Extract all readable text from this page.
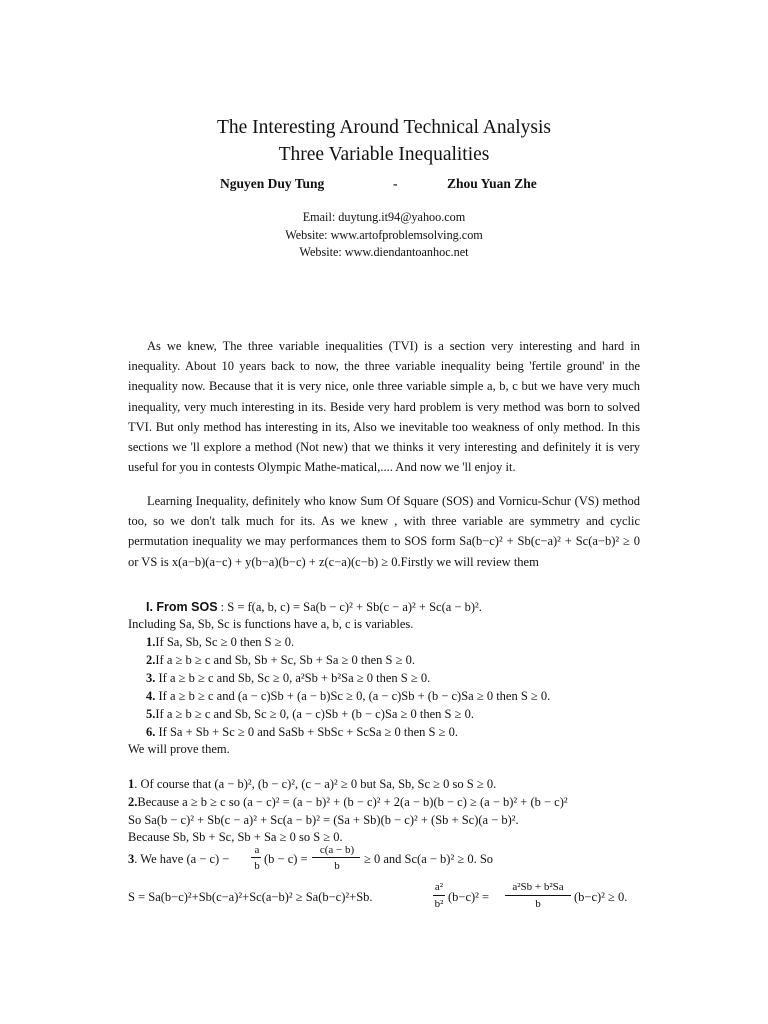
The Interesting Around Technical Analysis
Three Variable Inequalities
Nguyen Duy Tung	-	Zhou Yuan Zhe
Email: duytung.it94@yahoo.com
Website: www.artofproblemsolving.com
Website: www.diendantoanhoc.net
As we knew, The three variable inequalities (TVI) is a section very interesting and hard in inequality. About 10 years back to now, the three variable inequality being 'fertile ground' in the inequality now. Because that it is very nice, onle three variable simple a, b, c but we have very much inequality, very much interesting in its. Beside very hard problem is very method was born to solved TVI. But only method has interesting in its, Also we inevitable too weakness of only method. In this sections we 'll explore a method (Not new) that we thinks it very interesting and definitely it is very useful for you in contests Olympic Mathe-matical,.... And now we 'll enjoy it.
Learning Inequality, definitely who know Sum Of Square (SOS) and Vornicu-Schur (VS) method too, so we don't talk much for its. As we knew , with three variable are symmetry and cyclic permutation inequality we may performances them to SOS form Sa(b−c)² + Sb(c−a)² + Sc(a−b)² ≥ 0 or VS is x(a−b)(a−c) + y(b−a)(b−c) + z(c−a)(c−b) ≥ 0.Firstly we will review them
I. From SOS : S = f(a, b, c) = Sa(b − c)² + Sb(c − a)² + Sc(a − b)².
Including Sa, Sb, Sc is functions have a, b, c is variables.
1.If Sa, Sb, Sc ≥ 0 then S ≥ 0.
2.If a ≥ b ≥ c and Sb, Sb + Sc, Sb + Sa ≥ 0 then S ≥ 0.
3. If a ≥ b ≥ c and Sb, Sc ≥ 0, a²Sb + b²Sa ≥ 0 then S ≥ 0.
4. If a ≥ b ≥ c and (a − c)Sb + (a − b)Sc ≥ 0, (a − c)Sb + (b − c)Sa ≥ 0 then S ≥ 0.
5.If a ≥ b ≥ c and Sb, Sc ≥ 0, (a − c)Sb + (b − c)Sa ≥ 0 then S ≥ 0.
6. If Sa + Sb + Sc ≥ 0 and SaSb + SbSc + ScSa ≥ 0 then S ≥ 0.
We will prove them.
1. Of course that (a − b)², (b − c)², (c − a)² ≥ 0 but Sa, Sb, Sc ≥ 0 so S ≥ 0.
2.Because a ≥ b ≥ c so (a − c)² = (a − b)² + (b − c)² + 2(a − b)(b − c) ≥ (a − b)² + (b − c)²
So Sa(b − c)² + Sb(c − a)² + Sc(a − b)² = (Sa + Sb)(b − c)² + (Sb + Sc)(a − b)².
Because Sb, Sb + Sc, Sb + Sa ≥ 0 so S ≥ 0.
3. We have (a − c) −
a
b (b − c) =
c(a − b)
b	≥ 0 and Sc(a − b)² ≥ 0. So
S = Sa(b−c)²+Sb(c−a)²+Sc(a−b)² ≥ Sa(b−c)²+Sb.
a²
b² (b−c)² =
a²Sb + b²Sa
b	(b−c)² ≥ 0.
